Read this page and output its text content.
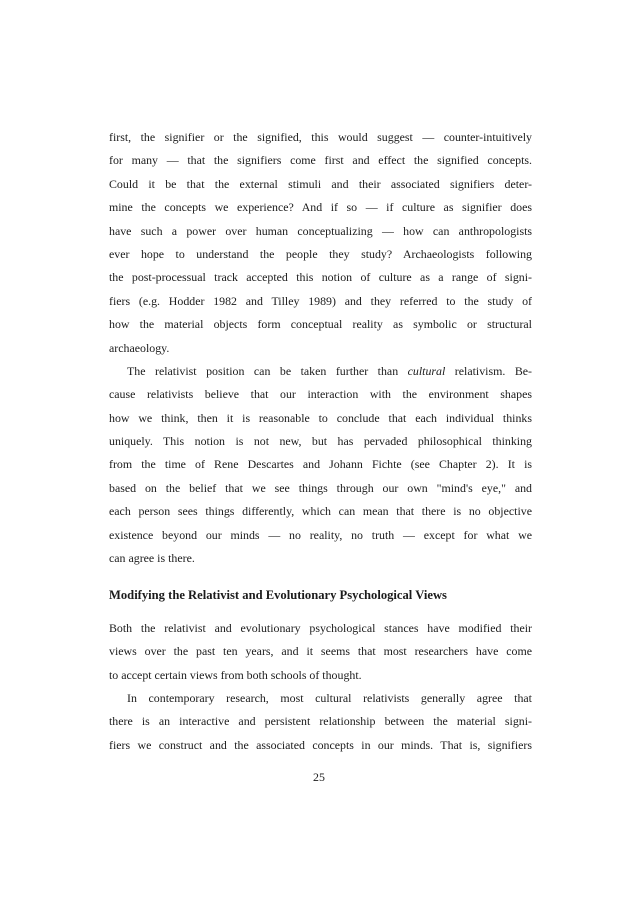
first, the signifier or the signified, this would suggest — counter-intuitively
for many — that the signifiers come first and effect the signified concepts.
Could it be that the external stimuli and their associated signifiers deter-
mine the concepts we experience? And if so — if culture as signifier does
have such a power over human conceptualizing — how can anthropologists
ever hope to understand the people they study? Archaeologists following
the post-processual track accepted this notion of culture as a range of signi-
fiers (e.g. Hodder 1982 and Tilley 1989) and they referred to the study of
how the material objects form conceptual reality as symbolic or structural
archaeology.
The relativist position can be taken further than cultural relativism. Be-
cause relativists believe that our interaction with the environment shapes
how we think, then it is reasonable to conclude that each individual thinks
uniquely. This notion is not new, but has pervaded philosophical thinking
from the time of Rene Descartes and Johann Fichte (see Chapter 2). It is
based on the belief that we see things through our own "mind's eye," and
each person sees things differently, which can mean that there is no objective
existence beyond our minds — no reality, no truth — except for what we
can agree is there.
Modifying the Relativist and Evolutionary Psychological Views
Both the relativist and evolutionary psychological stances have modified their
views over the past ten years, and it seems that most researchers have come
to accept certain views from both schools of thought.
In contemporary research, most cultural relativists generally agree that
there is an interactive and persistent relationship between the material signi-
fiers we construct and the associated concepts in our minds. That is, signifiers
25
